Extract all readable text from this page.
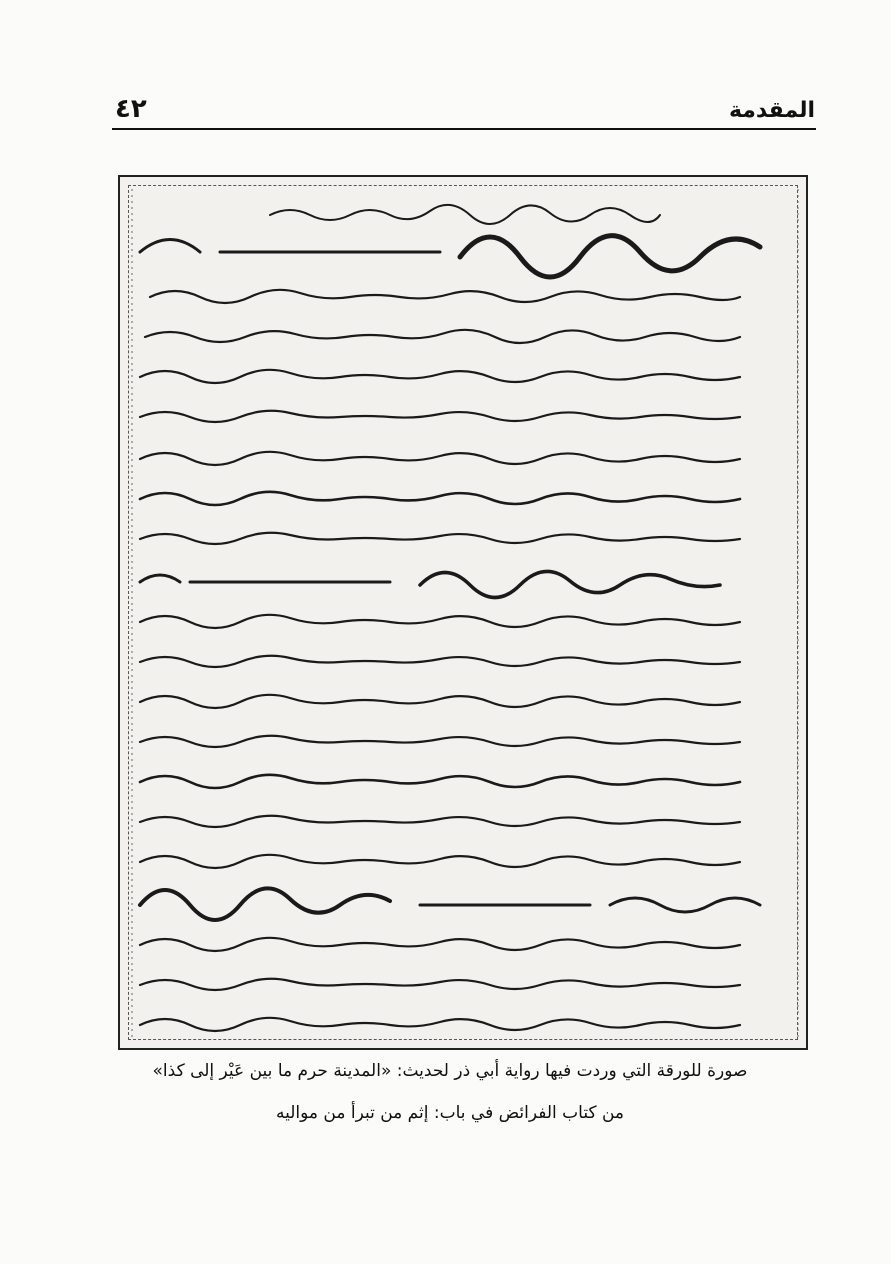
المقدمة
٤٢
صورة للورقة التي وردت فيها رواية أبي ذر لحديث: «المدينة حرم ما بين عَيْر إلى كذا»
من كتاب الفرائض في باب: إثم من تبرأ من مواليه
